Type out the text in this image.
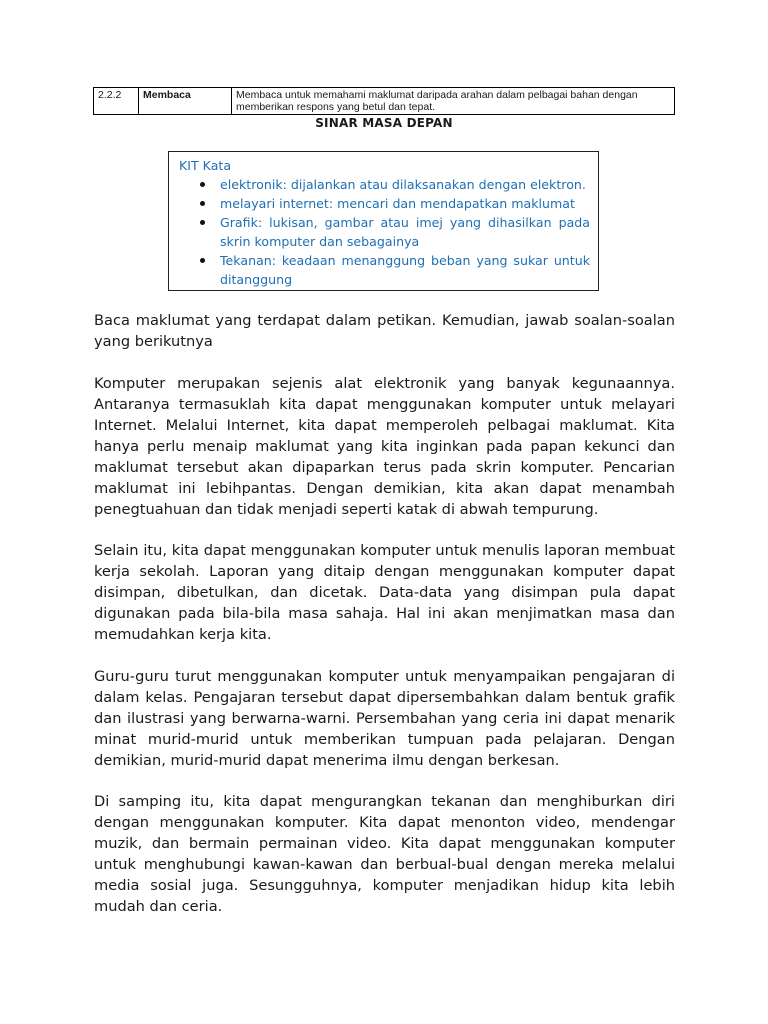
2.2.2	Membaca	Membaca untuk memahami maklumat daripada arahan dalam pelbagai bahan dengan memberikan respons yang betul dan tepat.
SINAR MASA DEPAN
KIT Kata
elektronik: dijalankan atau dilaksanakan dengan elektron.
melayari internet: mencari dan mendapatkan maklumat
Grafik: lukisan, gambar atau imej yang dihasilkan pada skrin komputer dan sebagainya
Tekanan: keadaan menanggung beban yang sukar untuk ditanggung

Baca maklumat yang terdapat dalam petikan. Kemudian, jawab soalan-soalan yang berikutnya

Komputer merupakan sejenis alat elektronik yang banyak kegunaannya. Antaranya termasuklah kita dapat menggunakan komputer untuk melayari Internet. Melalui Internet, kita dapat memperoleh pelbagai maklumat. Kita hanya perlu menaip maklumat yang kita inginkan pada papan kekunci dan maklumat tersebut akan dipaparkan terus pada skrin komputer. Pencarian maklumat ini lebihpantas. Dengan demikian, kita akan dapat menambah penegtuahuan dan tidak menjadi seperti katak di abwah tempurung.

Selain itu, kita dapat menggunakan komputer untuk menulis laporan membuat kerja sekolah. Laporan yang ditaip dengan menggunakan komputer dapat disimpan, dibetulkan, dan dicetak. Data-data yang disimpan pula dapat digunakan pada bila-bila masa sahaja. Hal ini akan menjimatkan masa dan memudahkan kerja kita.

Guru-guru turut menggunakan komputer untuk menyampaikan pengajaran di dalam kelas. Pengajaran tersebut dapat dipersembahkan dalam bentuk grafik dan ilustrasi yang berwarna-warni. Persembahan yang ceria ini dapat menarik minat murid-murid untuk memberikan tumpuan pada pelajaran. Dengan demikian, murid-murid dapat menerima ilmu dengan berkesan.

Di samping itu, kita dapat mengurangkan tekanan dan menghiburkan diri dengan menggunakan komputer. Kita dapat menonton video, mendengar muzik, dan bermain permainan video. Kita dapat menggunakan komputer untuk menghubungi kawan-kawan dan berbual-bual dengan mereka melalui media sosial juga. Sesungguhnya, komputer menjadikan hidup kita lebih mudah dan ceria.
